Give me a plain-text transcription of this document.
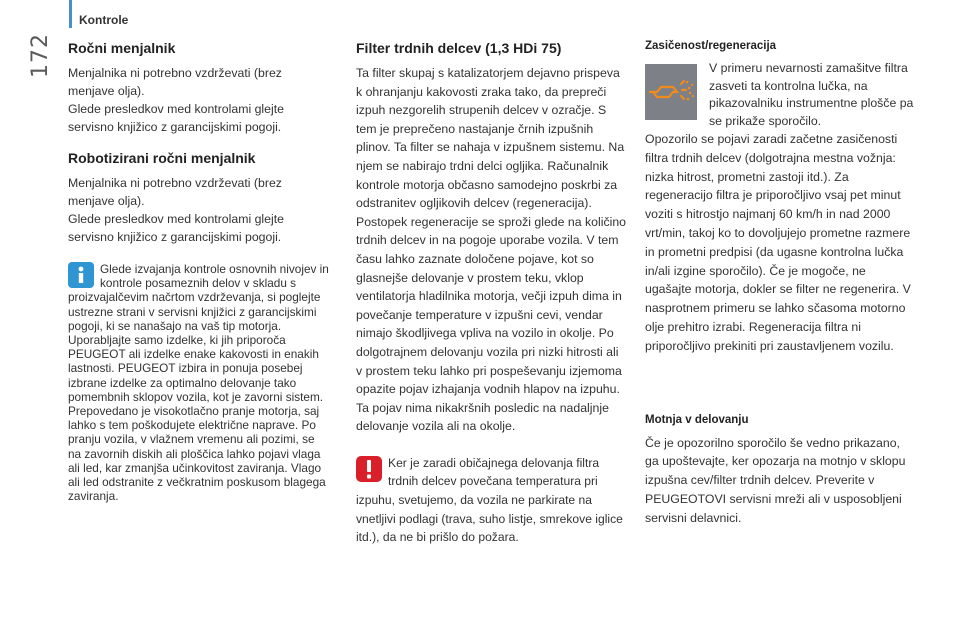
Kontrole
172 Ročni menjalnik

Menjalnika ni potrebno vzdrževati (brez menjave olja).

Glede presledkov med kontrolami glejte servisno knjižico z garancijskimi pogoji.

Robotizirani ročni menjalnik

Menjalnika ni potrebno vzdrževati (brez menjave olja).

Glede presledkov med kontrolami glejte servisno knjižico z garancijskimi pogoji.

Glede izvajanja kontrole osnovnih nivojev in kontrole posameznih delov v skladu s proizvajalčevim načrtom vzdrževanja, si poglejte ustrezne strani v servisni knjižici z garancijskimi pogoji, ki se nanašajo na vaš tip motorja. Uporabljajte samo izdelke, ki jih priporoča PEUGEOT ali izdelke enake kakovosti in enakih lastnosti. PEUGEOT izbira in ponuja posebej izbrane izdelke za optimalno delovanje tako pomembnih sklopov vozila, kot je zavorni sistem. Prepovedano je visokotlačno pranje motorja, saj lahko s tem poškodujete električne naprave. Po pranju vozila, v vlažnem vremenu ali pozimi, se na zavornih diskih ali ploščica lahko pojavi vlaga ali led, kar zmanjša učinkovitost zaviranja. Vlago ali led odstranite z večkratnim poskusom blagega zaviranja.
Filter trdnih delcev (1,3 HDi 75)

Ta filter skupaj s katalizatorjem dejavno prispeva k ohranjanju kakovosti zraka tako, da prepreči izpuh nezgorelih strupenih delcev v ozračje. S tem je preprečeno nastajanje črnih izpušnih plinov. Ta filter se nahaja v izpušnem sistemu. Na njem se nabirajo trdni delci ogljika. Računalnik kontrole motorja občasno samodejno poskrbi za odstranitev ogljikovih delcev (regeneracija). Postopek regeneracije se sproži glede na količino trdnih delcev in na pogoje uporabe vozila. V tem času lahko zaznate določene pojave, kot so glasnejše delovanje v prostem teku, vklop ventilatorja hladilnika motorja, večji izpuh dima in povečanje temperature v izpušni cevi, vendar nimajo škodljivega vpliva na vozilo in okolje. Po dolgotrajnem delovanju vozila pri nizki hitrosti ali v prostem teku lahko pri pospeševanju izjemoma opazite pojav izhajanja vodnih hlapov na izpuhu. Ta pojav nima nikakršnih posledic na nadaljnje delovanje vozila ali na okolje.

Ker je zaradi običajnega delovanja filtra trdnih delcev povečana temperatura pri izpuhu, svetujemo, da vozila ne parkirate na vnetljivi podlagi (trava, suho listje, smrekove iglice itd.), da ne bi prišlo do požara.
Zasičenost/regeneracija

V primeru nevarnosti zamašitve filtra zasveti ta kontrolna lučka, na pikazovalniku instrumentne plošče pa se prikaže sporočilo.

Opozorilo se pojavi zaradi začetne zasičenosti filtra trdnih delcev (dolgotrajna mestna vožnja: nizka hitrost, prometni zastoji itd.). Za regeneracijo filtra je priporočljivo vsaj pet minut voziti s hitrostjo najmanj 60 km/h in nad 2000 vrt/min, takoj ko to dovoljujejo prometne razmere in prometni predpisi (da ugasne kontrolna lučka in/ali izgine sporočilo). Če je mogoče, ne ugašajte motorja, dokler se filter ne regenerira. V nasprotnem primeru se lahko sčasoma motorno olje prehitro izrabi. Regeneracija filtra ni priporočljivo prekiniti pri zaustavljenem vozilu.

Motnja v delovanju

Če je opozorilno sporočilo še vedno prikazano, ga upoštevajte, ker opozarja na motnjo v sklopu izpušna cev/filter trdnih delcev. Preverite v PEUGEOTOVI servisni mreži ali v usposobljeni servisni delavnici.
